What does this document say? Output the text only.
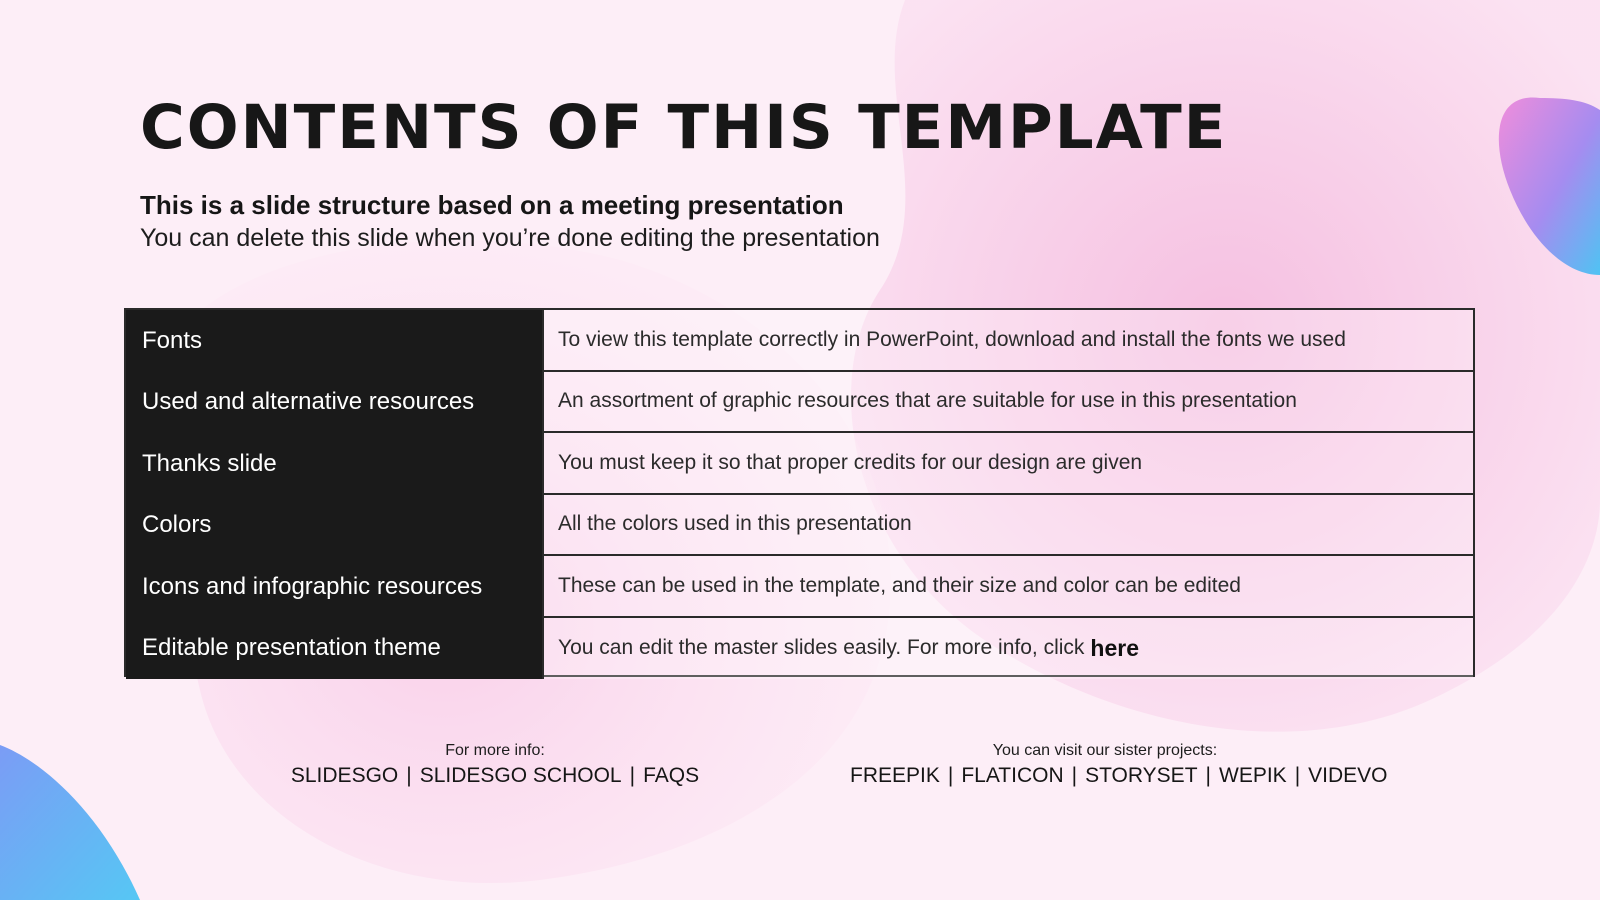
CONTENTS OF THIS TEMPLATE

This is a slide structure based on a meeting presentation

You can delete this slide when you’re done editing the presentation

Fonts	To view this template correctly in PowerPoint, download and install the fonts we used
Used and alternative resources	An assortment of graphic resources that are suitable for use in this presentation
Thanks slide	You must keep it so that proper credits for our design are given
Colors	All the colors used in this presentation
Icons and infographic resources	These can be used in the template, and their size and color can be edited
Editable presentation theme	You can edit the master slides easily. For more info, click here

For more info:

SLIDESGO | SLIDESGO SCHOOL | FAQS

You can visit our sister projects:

FREEPIK | FLATICON | STORYSET | WEPIK | VIDEVO
